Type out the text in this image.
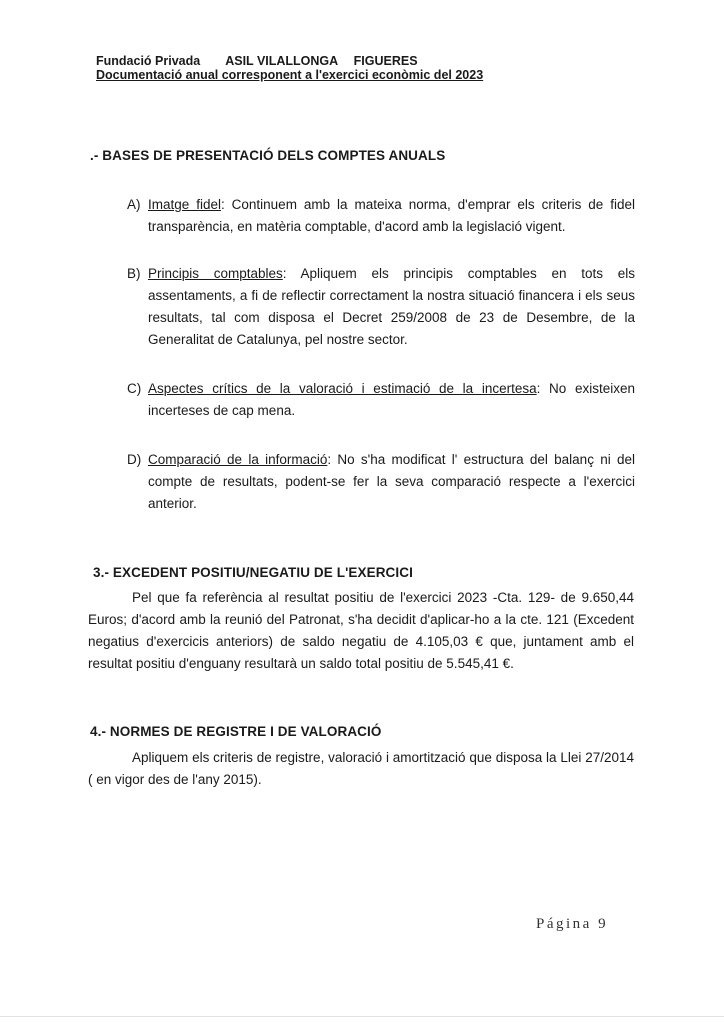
Fundació Privada ASIL VILALLONGA FIGUERES
Documentació anual corresponent a l'exercici econòmic del 2023
.- BASES DE PRESENTACIÓ DELS COMPTES ANUALS
A) Imatge fidel: Continuem amb la mateixa norma, d'emprar els criteris de fidel transparència, en matèria comptable, d'acord amb la legislació vigent.
B) Principis comptables: Apliquem els principis comptables en tots els assentaments, a fi de reflectir correctament la nostra situació financera i els seus resultats, tal com disposa el Decret 259/2008 de 23 de Desembre, de la Generalitat de Catalunya, pel nostre sector.
C) Aspectes crítics de la valoració i estimació de la incertesa: No existeixen incerteses de cap mena.
D) Comparació de la informació: No s'ha modificat l' estructura del balanç ni del compte de resultats, podent-se fer la seva comparació respecte a l'exercici anterior.
3.- EXCEDENT POSITIU/NEGATIU DE L'EXERCICI
Pel que fa referència al resultat positiu de l'exercici 2023 -Cta. 129- de 9.650,44 Euros; d'acord amb la reunió del Patronat, s'ha decidit d'aplicar-ho a la cte. 121 (Excedent negatius d'exercicis anteriors) de saldo negatiu de 4.105,03 € que, juntament amb el resultat positiu d'enguany resultarà un saldo total positiu de 5.545,41 €.
4.- NORMES DE REGISTRE I DE VALORACIÓ
Apliquem els criteris de registre, valoració i amortització que disposa la Llei 27/2014 ( en vigor des de l'any 2015).
Página 9
